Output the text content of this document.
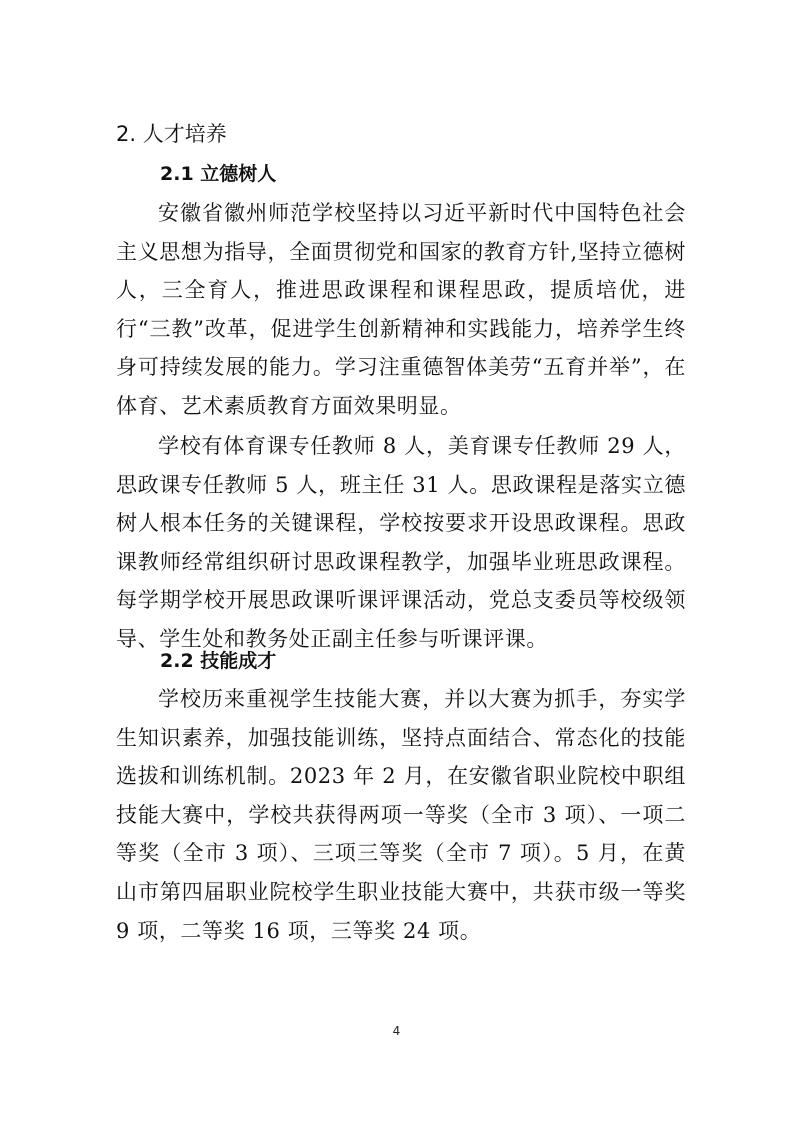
2. 人才培养
2.1 立德树人

安徽省徽州师范学校坚持以习近平新时代中国特色社会主义思想为指导，全面贯彻党和国家的教育方针,坚持立德树人，三全育人，推进思政课程和课程思政，提质培优，进行“三教”改革，促进学生创新精神和实践能力，培养学生终身可持续发展的能力。学习注重德智体美劳“五育并举”，在体育、艺术素质教育方面效果明显。

学校有体育课专任教师 8 人，美育课专任教师 29 人，思政课专任教师 5 人，班主任 31 人。思政课程是落实立德树人根本任务的关键课程，学校按要求开设思政课程。思政课教师经常组织研讨思政课程教学，加强毕业班思政课程。每学期学校开展思政课听课评课活动，党总支委员等校级领导、学生处和教务处正副主任参与听课评课。

2.2 技能成才

学校历来重视学生技能大赛，并以大赛为抓手，夯实学生知识素养，加强技能训练，坚持点面结合、常态化的技能选拔和训练机制。2023 年 2 月，在安徽省职业院校中职组技能大赛中，学校共获得两项一等奖（全市 3 项）、一项二等奖（全市 3 项）、三项三等奖（全市 7 项）。5 月，在黄山市第四届职业院校学生职业技能大赛中，共获市级一等奖 9 项，二等奖 16 项，三等奖 24 项。

4
